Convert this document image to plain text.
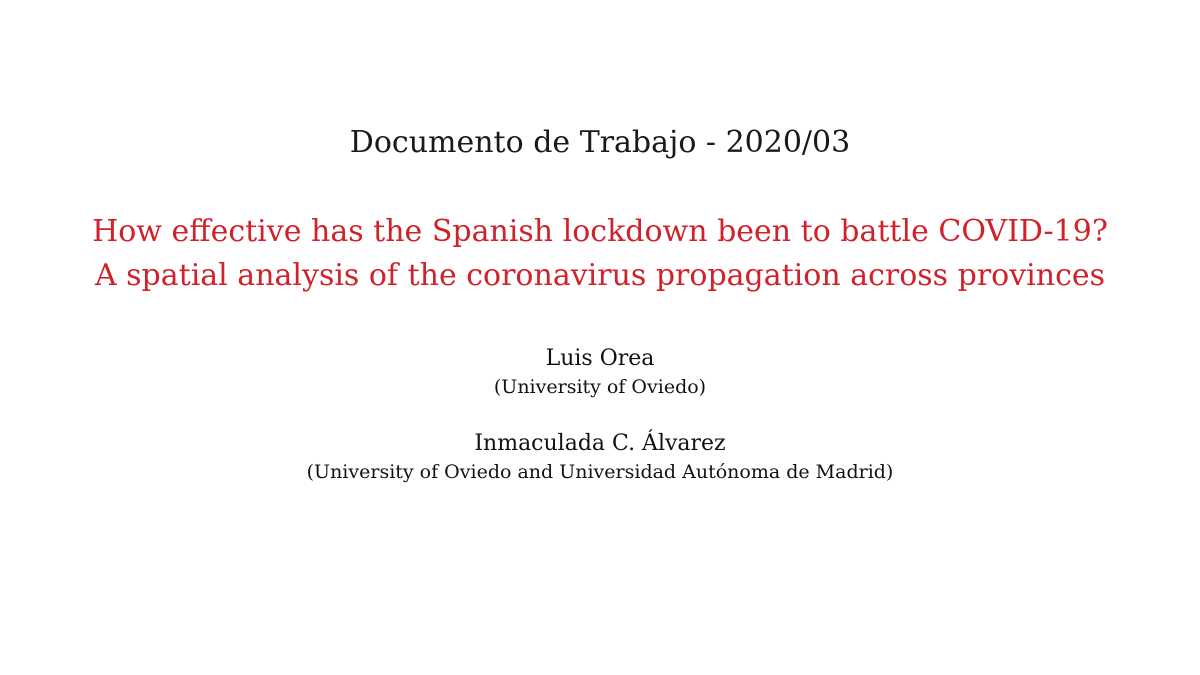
Documento de Trabajo - 2020/03
How effective has the Spanish lockdown been to battle COVID-19?
A spatial analysis of the coronavirus propagation across provinces
Luis Orea
(University of Oviedo)
Inmaculada C. Álvarez
(University of Oviedo and Universidad Autónoma de Madrid)
